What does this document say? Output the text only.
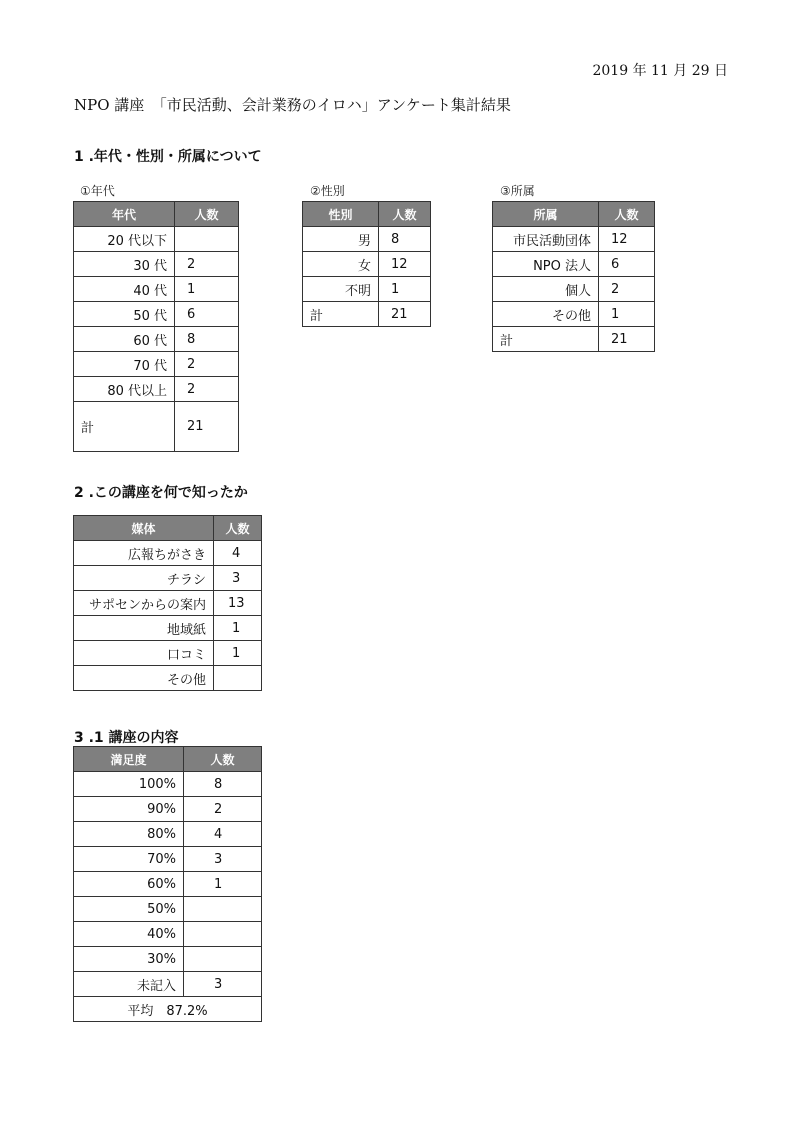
2019 年 11 月 29 日
NPO 講座　「市民活動、会計業務のイロハ」アンケート集計結果
1 .年代・性別・所属について
①年代
年代	人数
20 代以下	
30 代	2
40 代	1
50 代	6
60 代	8
70 代	2
80 代以上	2
計	21
②性別
性別	人数
男	8
女	12
不明	1
計	21
③所属
所属	人数
市民活動団体	12
NPO 法人	6
個人	2
その他	1
計	21
2 .この講座を何で知ったか
媒体	人数
広報ちがさき	4
チラシ	3
サポセンからの案内	13
地域紙	1
口コミ	1
その他	
3 .1 講座の内容
満足度	人数
100%	8
90%	2
80%	4
70%	3
60%	1
50%	
40%	
30%	
未記入	3
平均　87.2%	
